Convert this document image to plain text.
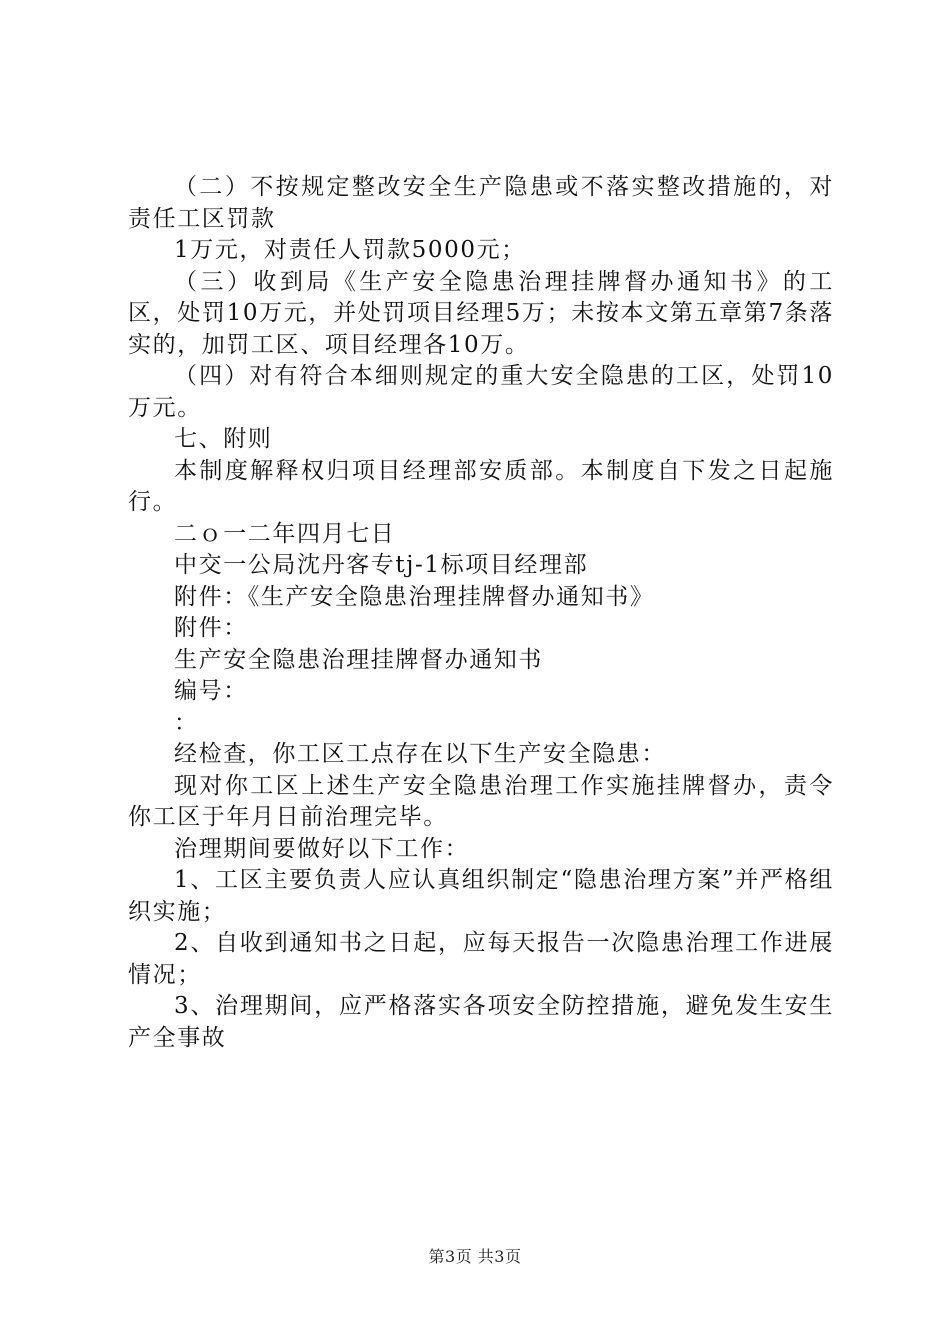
（二）不按规定整改安全生产隐患或不落实整改措施的，对责任工区罚款

1万元，对责任人罚款5000元；

（三）收到局《生产安全隐患治理挂牌督办通知书》的工区，处罚10万元，并处罚项目经理5万；未按本文第五章第7条落实的，加罚工区、项目经理各10万。

（四）对有符合本细则规定的重大安全隐患的工区，处罚10万元。

七、附则

本制度解释权归项目经理部安质部。本制度自下发之日起施行。

二ｏ一二年四月七日

中交一公局沈丹客专tj-1标项目经理部

附件：《生产安全隐患治理挂牌督办通知书》

附件：

生产安全隐患治理挂牌督办通知书

编号：

：

经检查，你工区工点存在以下生产安全隐患：

现对你工区上述生产安全隐患治理工作实施挂牌督办，责令你工区于年月日前治理完毕。

治理期间要做好以下工作：

1、工区主要负责人应认真组织制定“隐患治理方案”并严格组织实施；

2、自收到通知书之日起，应每天报告一次隐患治理工作进展情况；

3、治理期间，应严格落实各项安全防控措施，避免发生安生产全事故

第3页 共3页
